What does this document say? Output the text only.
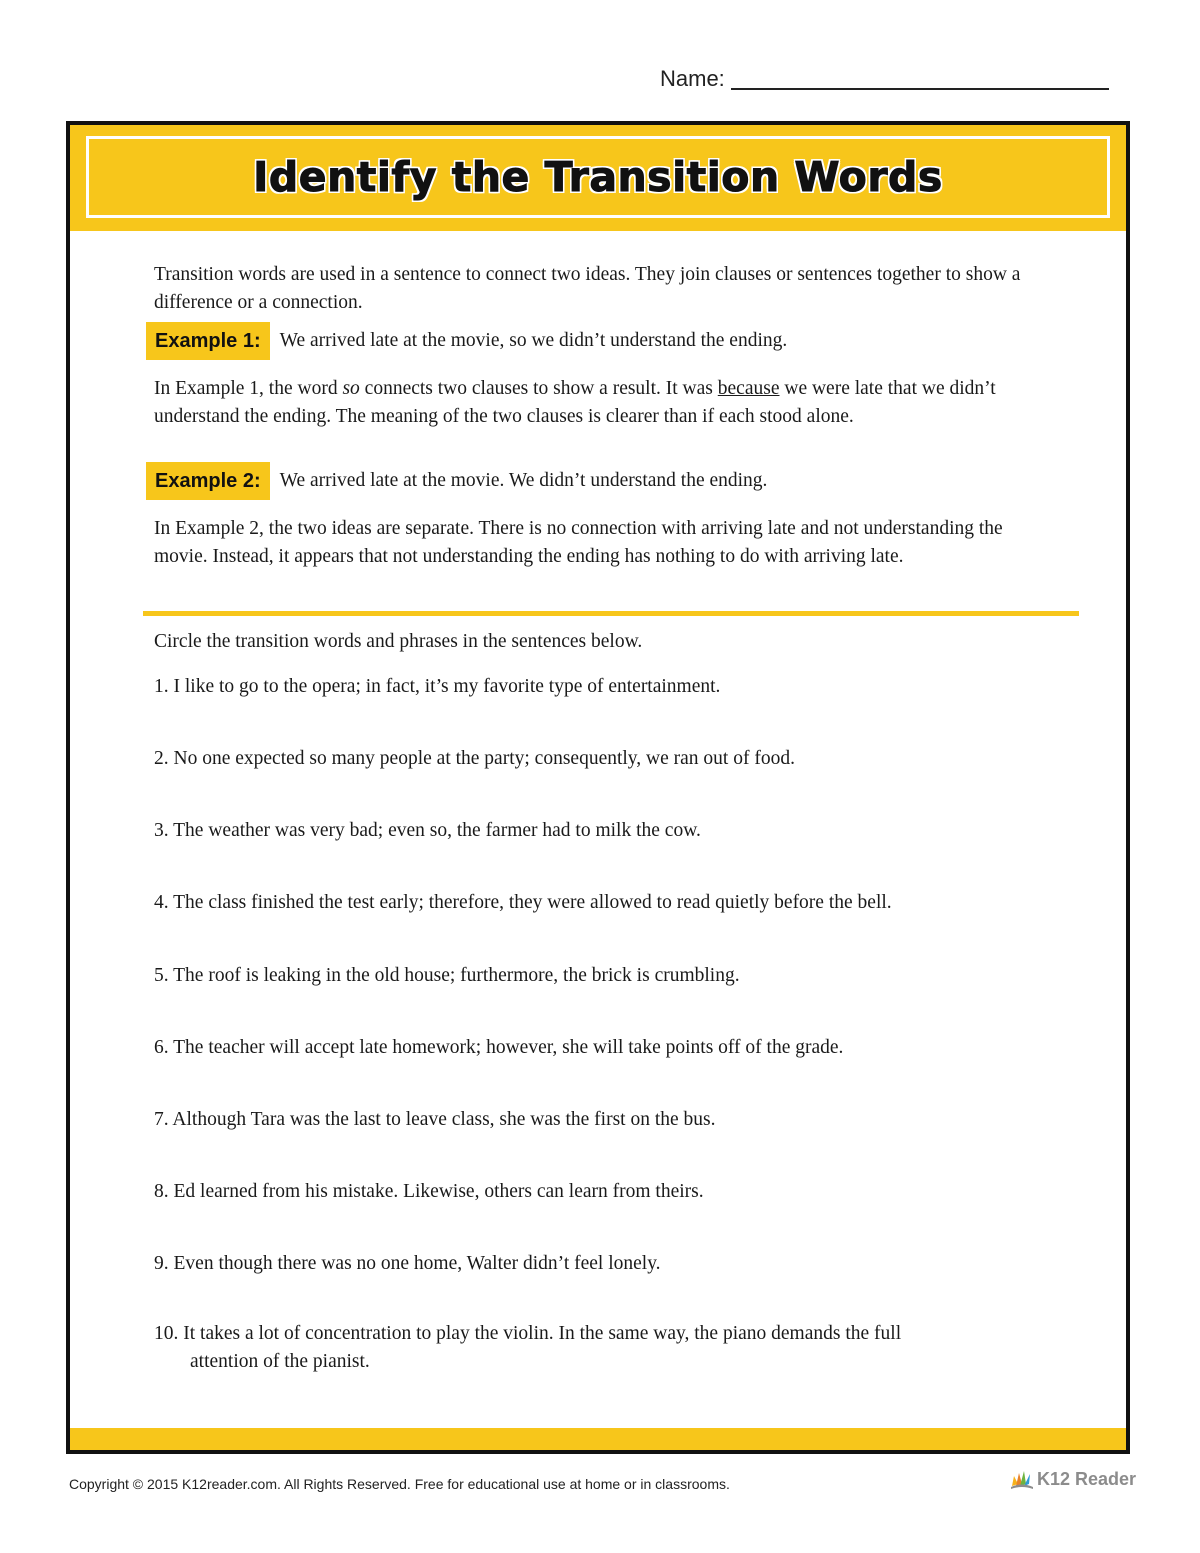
Name:
Identify the Transition Words

Transition words are used in a sentence to connect two ideas. They join clauses or sentences together to show a difference or a connection.

Example 1: We arrived late at the movie, so we didn’t understand the ending.

In Example 1, the word so connects two clauses to show a result. It was because we were late that we didn’t understand the ending. The meaning of the two clauses is clearer than if each stood alone.

Example 2: We arrived late at the movie. We didn’t understand the ending.

In Example 2, the two ideas are separate. There is no connection with arriving late and not understanding the movie. Instead, it appears that not understanding the ending has nothing to do with arriving late.

Circle the transition words and phrases in the sentences below.

1. I like to go to the opera; in fact, it’s my favorite type of entertainment.

2. No one expected so many people at the party; consequently, we ran out of food.

3. The weather was very bad; even so, the farmer had to milk the cow.

4. The class finished the test early; therefore, they were allowed to read quietly before the bell.

5. The roof is leaking in the old house; furthermore, the brick is crumbling.

6. The teacher will accept late homework; however, she will take points off of the grade.

7. Although Tara was the last to leave class, she was the first on the bus.

8. Ed learned from his mistake. Likewise, others can learn from theirs.

9. Even though there was no one home, Walter didn’t feel lonely.

10. It takes a lot of concentration to play the violin. In the same way, the piano demands the full
attention of the pianist.

Copyright © 2015 K12reader.com. All Rights Reserved. Free for educational use at home or in classrooms.	K12 Reader
